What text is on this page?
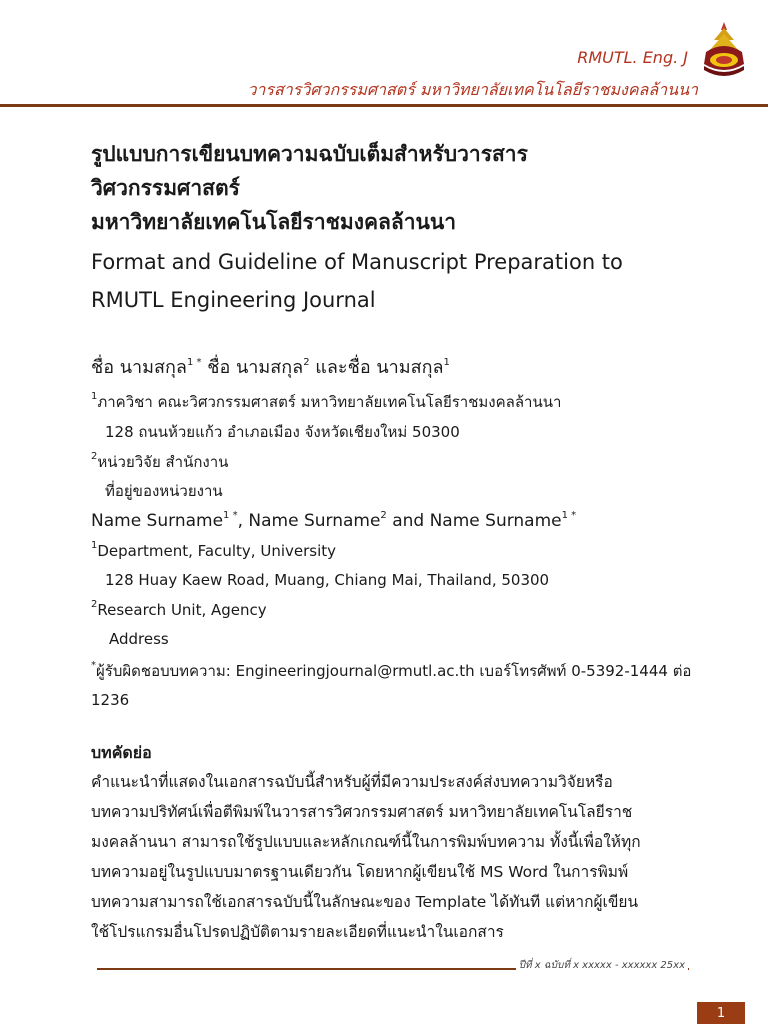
RMUTL. Eng. J
วารสารวิศวกรรมศาสตร์ มหาวิทยาลัยเทคโนโลยีราชมงคลล้านนา

รูปแบบการเขียนบทความฉบับเต็มสำหรับวารสาร

วิศวกรรมศาสตร์

มหาวิทยาลัยเทคโนโลยีราชมงคลล้านนา

Format and Guideline of Manuscript Preparation to

RMUTL Engineering Journal

ชื่อ นามสกุล$^{1 *}$ ชื่อ นามสกุล$^2$ และชื่อ นามสกุล$^1$
$^1$ภาควิชา คณะวิศวกรรมศาสตร์ มหาวิทยาลัยเทคโนโลยีราชมงคลล้านนา
128 ถนนห้วยแก้ว อำเภอเมือง จังหวัดเชียงใหม่ 50300
$^2$หน่วยวิจัย สำนักงาน
ที่อยู่ของหน่วยงาน
Name Surname$^{1 *}$, Name Surname$^2$ and Name Surname$^{1 *}$
$^1$Department, Faculty, University
128 Huay Kaew Road, Muang, Chiang Mai, Thailand, 50300
$^2$Research Unit, Agency
Address
*ผู้รับผิดชอบบทความ: Engineeringjournal@rmutl.ac.th เบอร์โทรศัพท์ 0-5392-1444 ต่อ 1236
บทคัดย่อ
คำแนะนำที่แสดงในเอกสารฉบับนี้สำหรับผู้ที่มีความประสงค์ส่งบทความวิจัยหรือ
บทความปริทัศน์เพื่อตีพิมพ์ในวารสารวิศวกรรมศาสตร์ มหาวิทยาลัยเทคโนโลยีราช
มงคลล้านนา สามารถใช้รูปแบบและหลักเกณฑ์นี้ในการพิมพ์บทความ ทั้งนี้เพื่อให้ทุก
บทความอยู่ในรูปแบบมาตรฐานเดียวกัน โดยหากผู้เขียนใช้ MS Word ในการพิมพ์
บทความสามารถใช้เอกสารฉบับนี้ในลักษณะของ Template ได้ทันที แต่หากผู้เขียน
ใช้โปรแกรมอื่นโปรดปฏิบัติตามรายละเอียดที่แนะนำในเอกสาร
ปีที่ x ฉบับที่ x xxxxx - xxxxxx 25xx
1
